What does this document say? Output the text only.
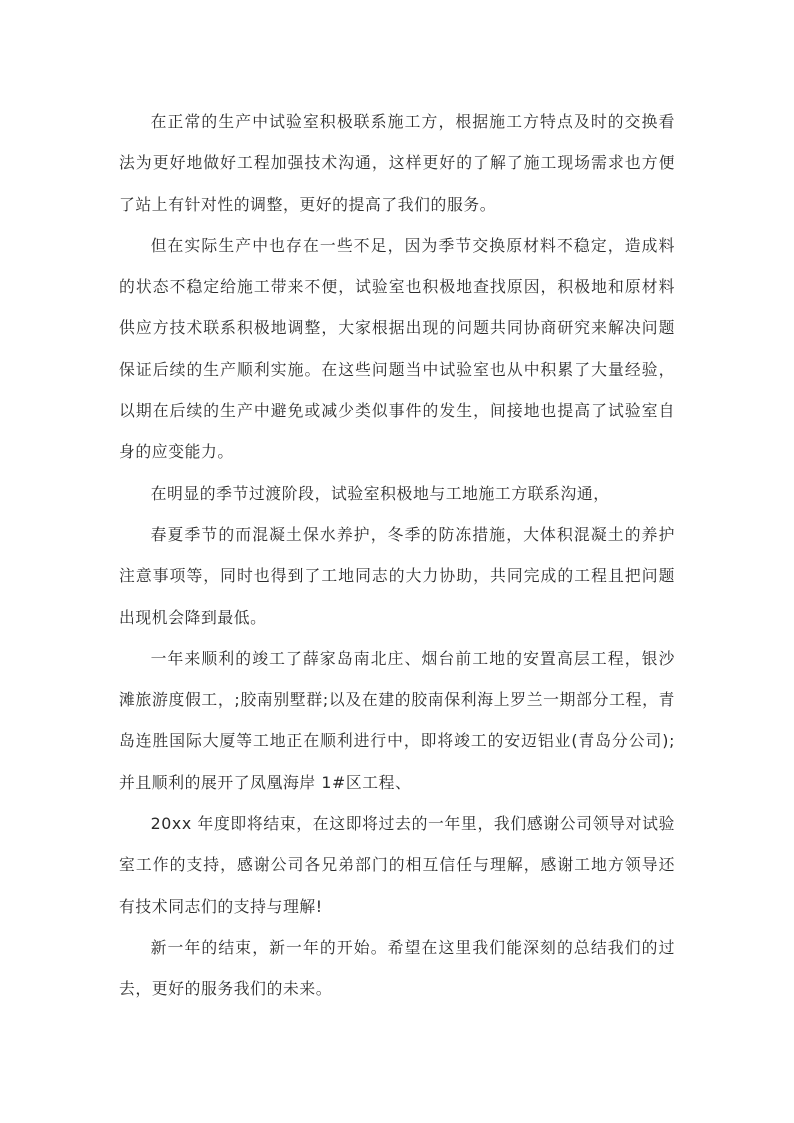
在正常的生产中试验室积极联系施工方，根据施工方特点及时的交换看法为更好地做好工程加强技术沟通，这样更好的了解了施工现场需求也方便了站上有针对性的调整，更好的提高了我们的服务。

但在实际生产中也存在一些不足，因为季节交换原材料不稳定，造成料的状态不稳定给施工带来不便，试验室也积极地查找原因，积极地和原材料供应方技术联系积极地调整，大家根据出现的问题共同协商研究来解决问题保证后续的生产顺利实施。在这些问题当中试验室也从中积累了大量经验，以期在后续的生产中避免或减少类似事件的发生，间接地也提高了试验室自身的应变能力。

在明显的季节过渡阶段，试验室积极地与工地施工方联系沟通，

春夏季节的而混凝土保水养护，冬季的防冻措施，大体积混凝土的养护注意事项等，同时也得到了工地同志的大力协助，共同完成的工程且把问题出现机会降到最低。

一年来顺利的竣工了薛家岛南北庄、烟台前工地的安置高层工程，银沙滩旅游度假工，;胶南别墅群;以及在建的胶南保利海上罗兰一期部分工程，青岛连胜国际大厦等工地正在顺利进行中，即将竣工的安迈铝业(青岛分公司);并且顺利的展开了凤凰海岸 1#区工程、

20xx 年度即将结束，在这即将过去的一年里，我们感谢公司领导对试验室工作的支持，感谢公司各兄弟部门的相互信任与理解，感谢工地方领导还有技术同志们的支持与理解!

新一年的结束，新一年的开始。希望在这里我们能深刻的总结我们的过去，更好的服务我们的未来。
